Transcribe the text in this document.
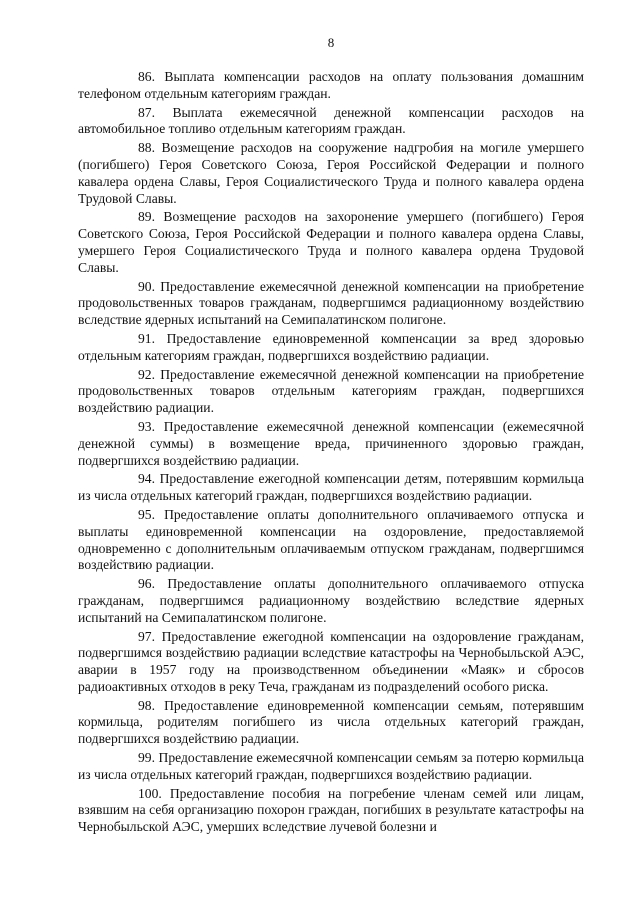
8

86. Выплата компенсации расходов на оплату пользования домашним телефоном отдельным категориям граждан.

87. Выплата ежемесячной денежной компенсации расходов на автомобильное топливо отдельным категориям граждан.

88. Возмещение расходов на сооружение надгробия на могиле умершего (погибшего) Героя Советского Союза, Героя Российской Федерации и полного кавалера ордена Славы, Героя Социалистического Труда и полного кавалера ордена Трудовой Славы.

89. Возмещение расходов на захоронение умершего (погибшего) Героя Советского Союза, Героя Российской Федерации и полного кавалера ордена Славы, умершего Героя Социалистического Труда и полного кавалера ордена Трудовой Славы.

90. Предоставление ежемесячной денежной компенсации на приобретение продовольственных товаров гражданам, подвергшимся радиационному воздействию вследствие ядерных испытаний на Семипалатинском полигоне.

91. Предоставление единовременной компенсации за вред здоровью отдельным категориям граждан, подвергшихся воздействию радиации.

92. Предоставление ежемесячной денежной компенсации на приобретение продовольственных товаров отдельным категориям граждан, подвергшихся воздействию радиации.

93. Предоставление ежемесячной денежной компенсации (ежемесячной денежной суммы) в возмещение вреда, причиненного здоровью граждан, подвергшихся воздействию радиации.

94. Предоставление ежегодной компенсации детям, потерявшим кормильца из числа отдельных категорий граждан, подвергшихся воздействию радиации.

95. Предоставление оплаты дополнительного оплачиваемого отпуска и выплаты единовременной компенсации на оздоровление, предоставляемой одновременно с дополнительным оплачиваемым отпуском гражданам, подвергшимся воздействию радиации.

96. Предоставление оплаты дополнительного оплачиваемого отпуска гражданам, подвергшимся радиационному воздействию вследствие ядерных испытаний на Семипалатинском полигоне.

97. Предоставление ежегодной компенсации на оздоровление гражданам, подвергшимся воздействию радиации вследствие катастрофы на Чернобыльской АЭС, аварии в 1957 году на производственном объединении «Маяк» и сбросов радиоактивных отходов в реку Теча, гражданам из подразделений особого риска.

98. Предоставление единовременной компенсации семьям, потерявшим кормильца, родителям погибшего из числа отдельных категорий граждан, подвергшихся воздействию радиации.

99. Предоставление ежемесячной компенсации семьям за потерю кормильца из числа отдельных категорий граждан, подвергшихся воздействию радиации.

100. Предоставление пособия на погребение членам семей или лицам, взявшим на себя организацию похорон граждан, погибших в результате катастрофы на Чернобыльской АЭС, умерших вследствие лучевой болезни и
